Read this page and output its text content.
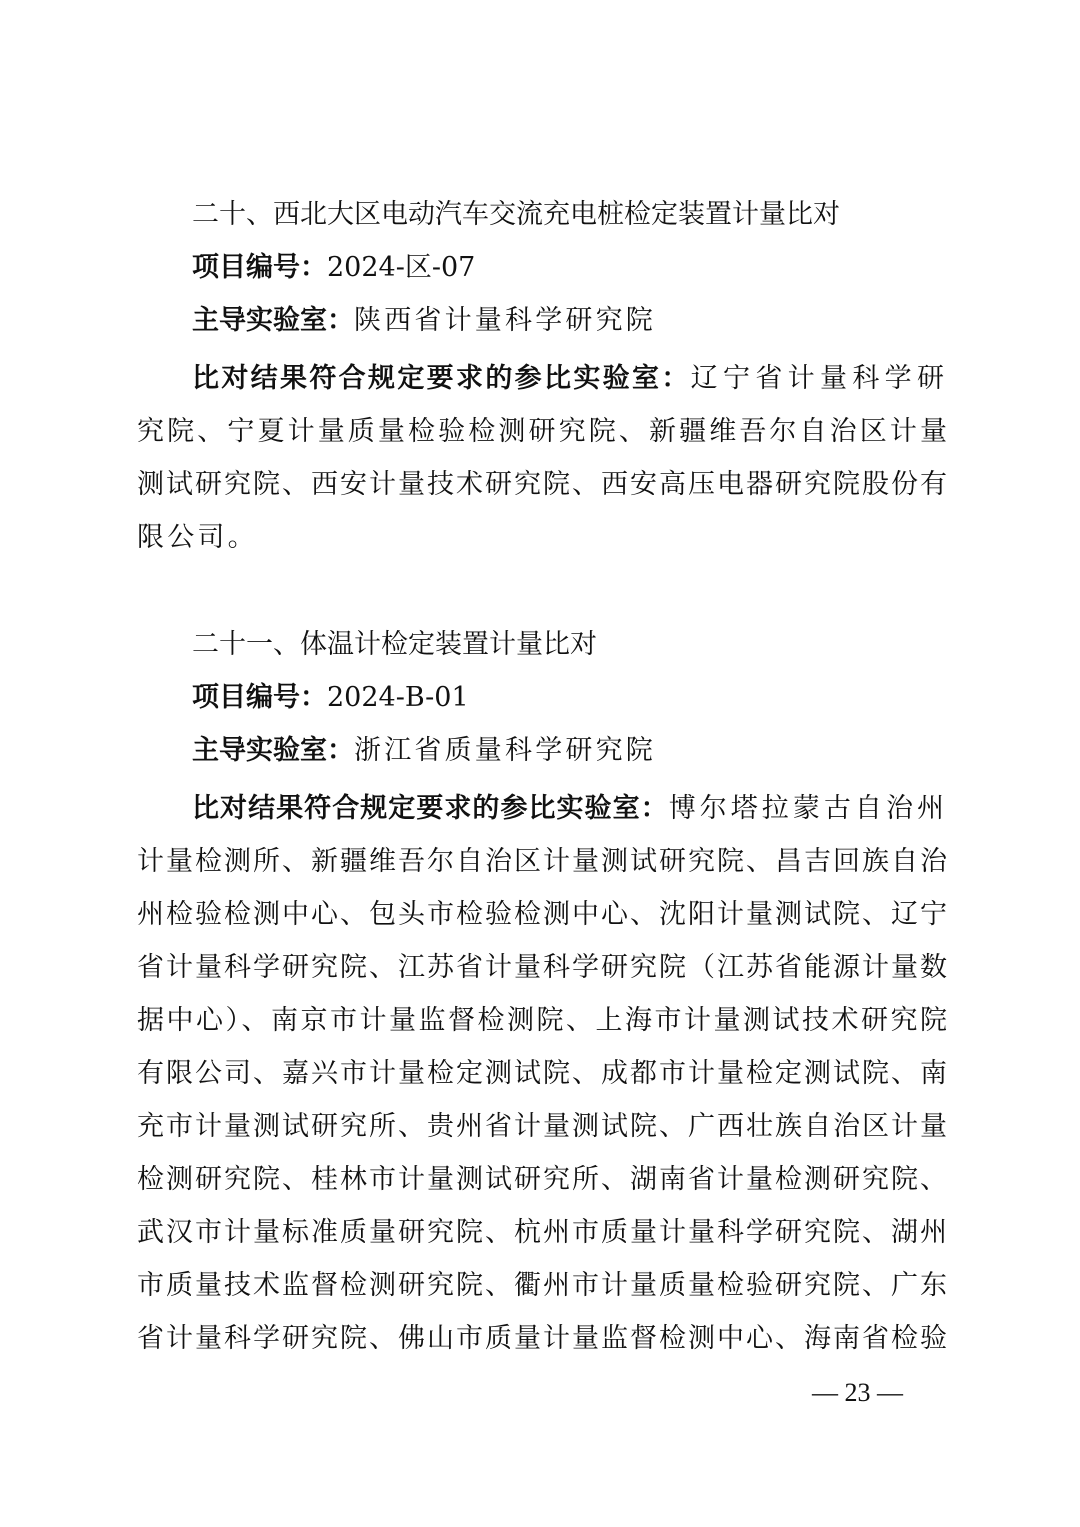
二十、西北大区电动汽车交流充电桩检定装置计量比对
项目编号：2024-区-07
主导实验室：陕西省计量科学研究院
比对结果符合规定要求的参比实验室：辽宁省计量科学研
究院、宁夏计量质量检验检测研究院、新疆维吾尔自治区计量
测试研究院、西安计量技术研究院、西安高压电器研究院股份有
限公司。
二十一、体温计检定装置计量比对
项目编号：2024-B-01
主导实验室：浙江省质量科学研究院
比对结果符合规定要求的参比实验室：博尔塔拉蒙古自治州
计量检测所、新疆维吾尔自治区计量测试研究院、昌吉回族自治
州检验检测中心、包头市检验检测中心、沈阳计量测试院、辽宁
省计量科学研究院、江苏省计量科学研究院（江苏省能源计量数
据中心）、南京市计量监督检测院、上海市计量测试技术研究院
有限公司、嘉兴市计量检定测试院、成都市计量检定测试院、南
充市计量测试研究所、贵州省计量测试院、广西壮族自治区计量
检测研究院、桂林市计量测试研究所、湖南省计量检测研究院、
武汉市计量标准质量研究院、杭州市质量计量科学研究院、湖州
市质量技术监督检测研究院、衢州市计量质量检验研究院、广东
省计量科学研究院、佛山市质量计量监督检测中心、海南省检验
— 23 —
